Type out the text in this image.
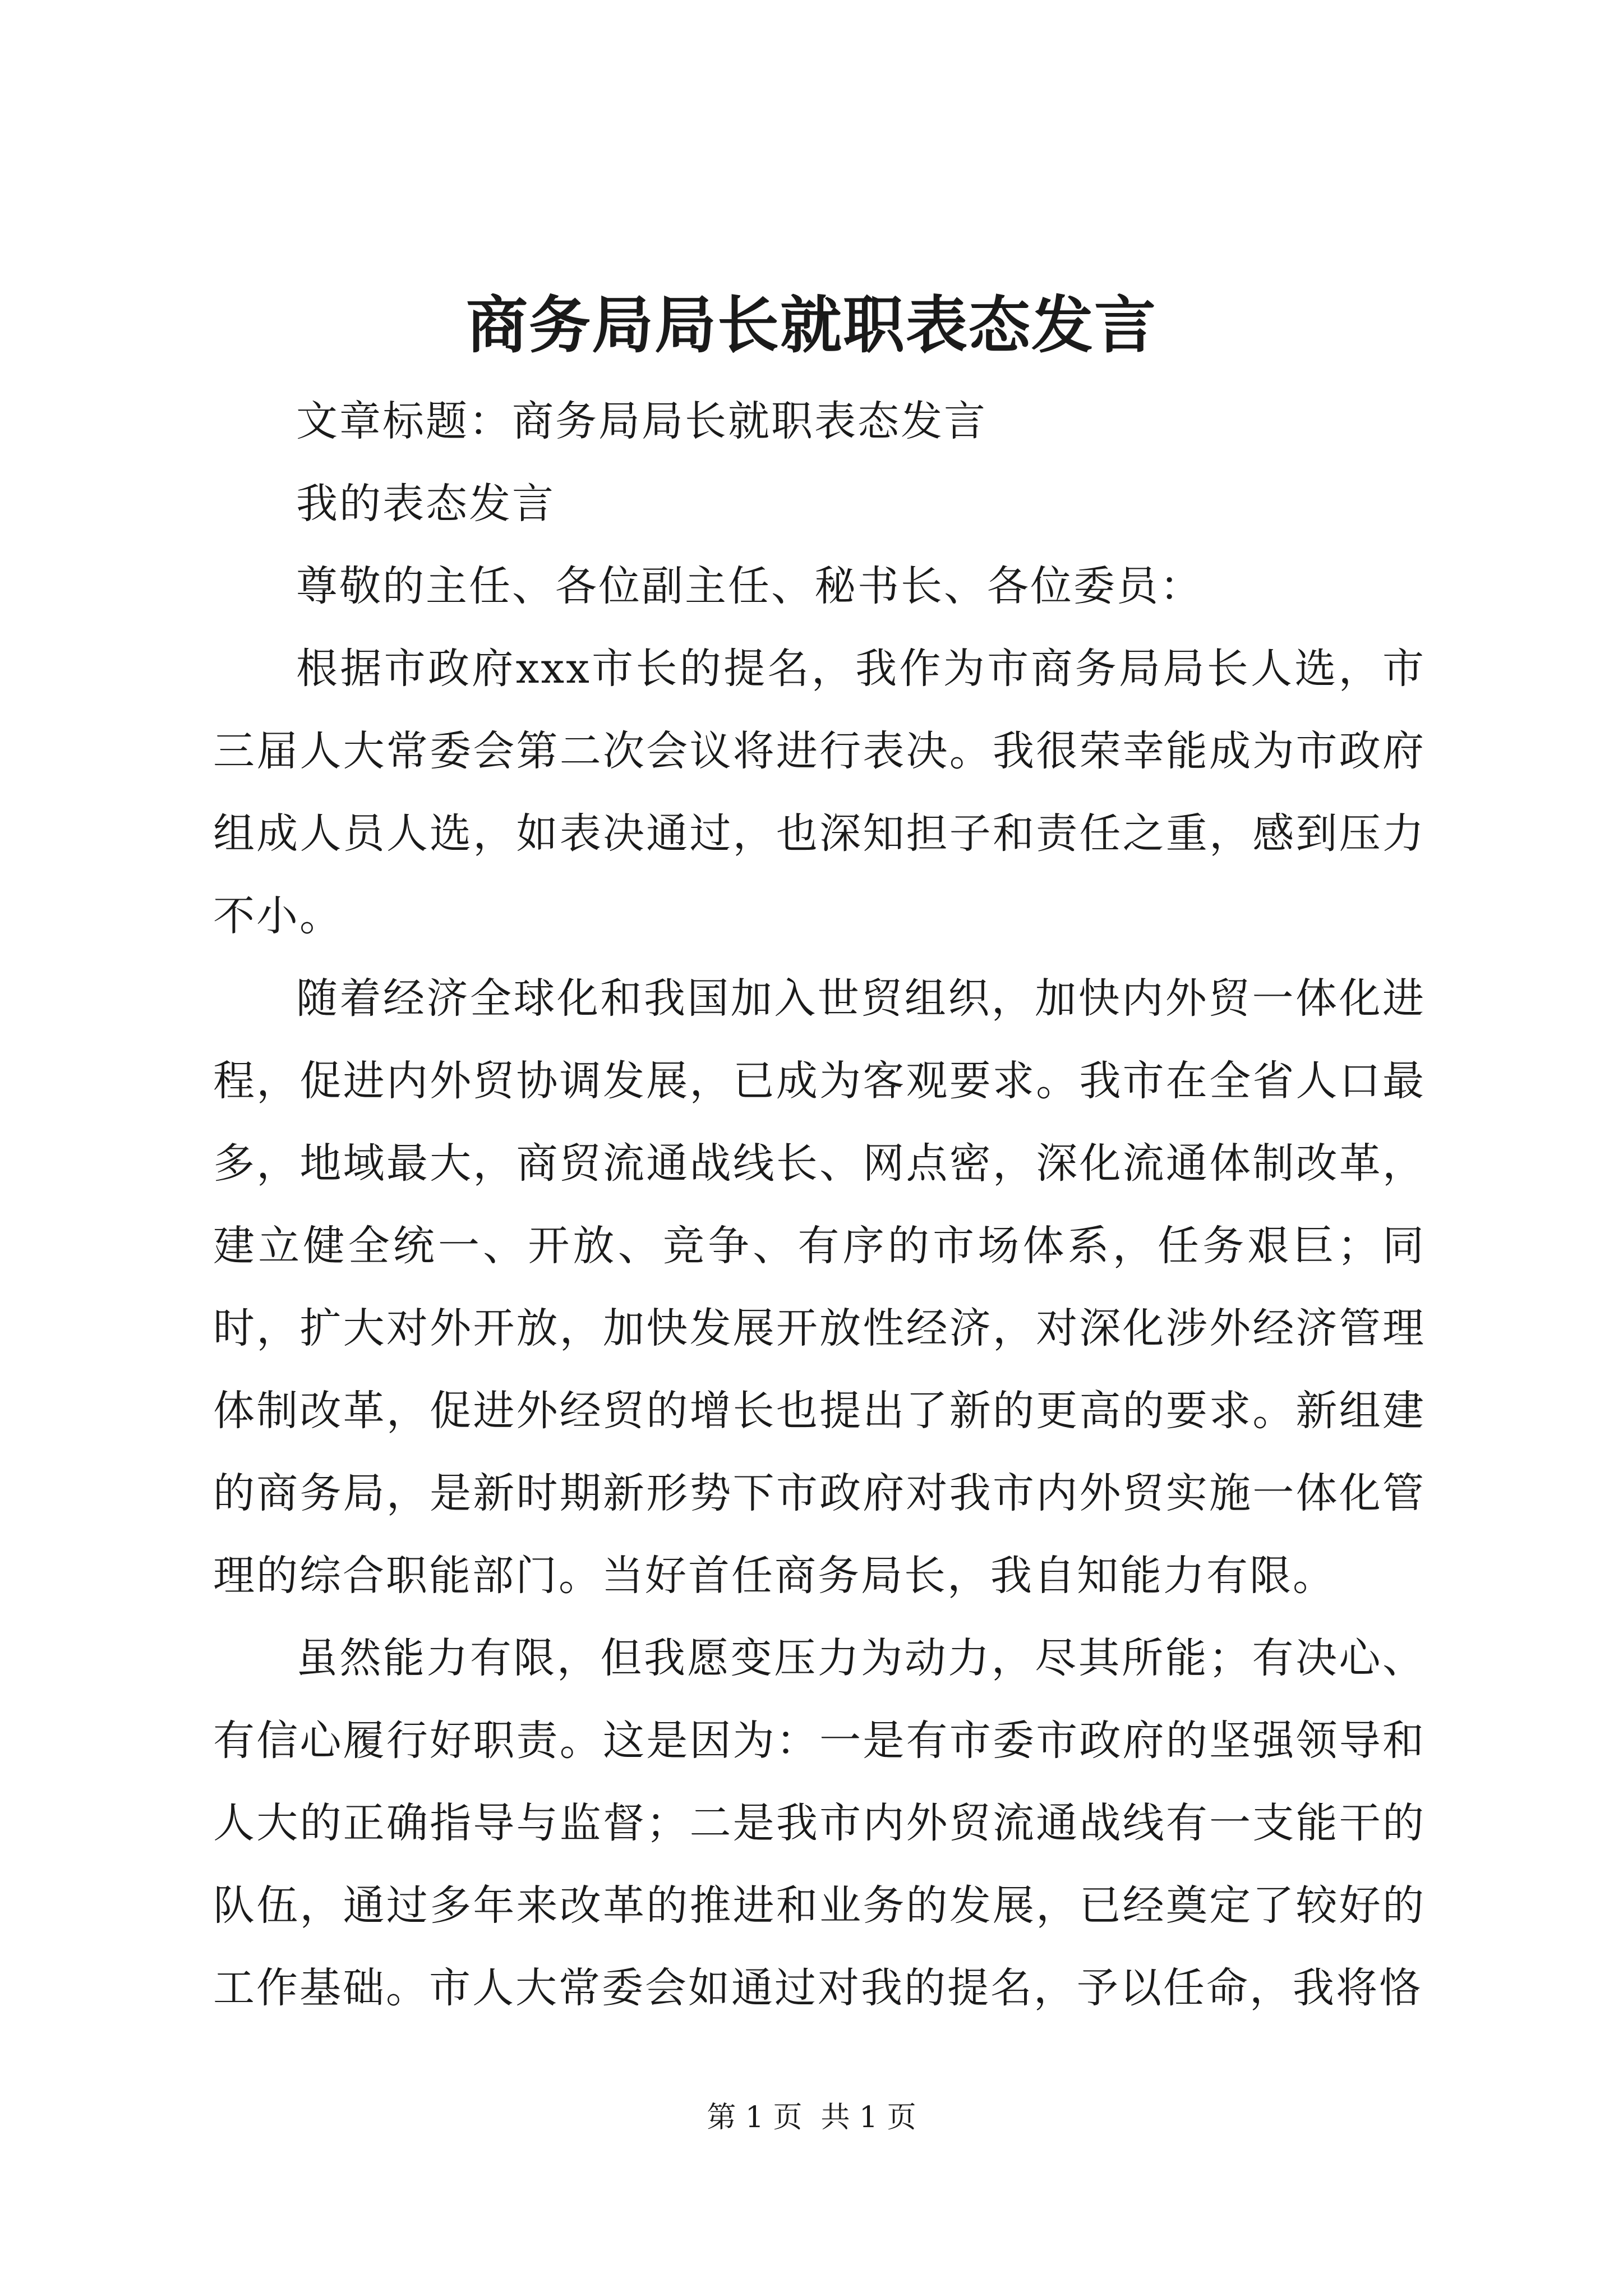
商务局局长就职表态发言

文章标题：商务局局长就职表态发言

我的表态发言

尊敬的主任、各位副主任、秘书长、各位委员：

根据市政府xxx市长的提名，我作为市商务局局长人选，市三届人大常委会第二次会议将进行表决。我很荣幸能成为市政府组成人员人选，如表决通过，也深知担子和责任之重，感到压力不小。

随着经济全球化和我国加入世贸组织，加快内外贸一体化进程，促进内外贸协调发展，已成为客观要求。我市在全省人口最多，地域最大，商贸流通战线长、网点密，深化流通体制改革，建立健全统一、开放、竞争、有序的市场体系，任务艰巨；同时，扩大对外开放，加快发展开放性经济，对深化涉外经济管理体制改革，促进外经贸的增长也提出了新的更高的要求。新组建的商务局，是新时期新形势下市政府对我市内外贸实施一体化管理的综合职能部门。当好首任商务局长，我自知能力有限。

虽然能力有限，但我愿变压力为动力，尽其所能；有决心、有信心履行好职责。这是因为：一是有市委市政府的坚强领导和人大的正确指导与监督；二是我市内外贸流通战线有一支能干的队伍，通过多年来改革的推进和业务的发展，已经奠定了较好的工作基础。市人大常委会如通过对我的提名，予以任命，我将恪

第 1 页  共 1 页
